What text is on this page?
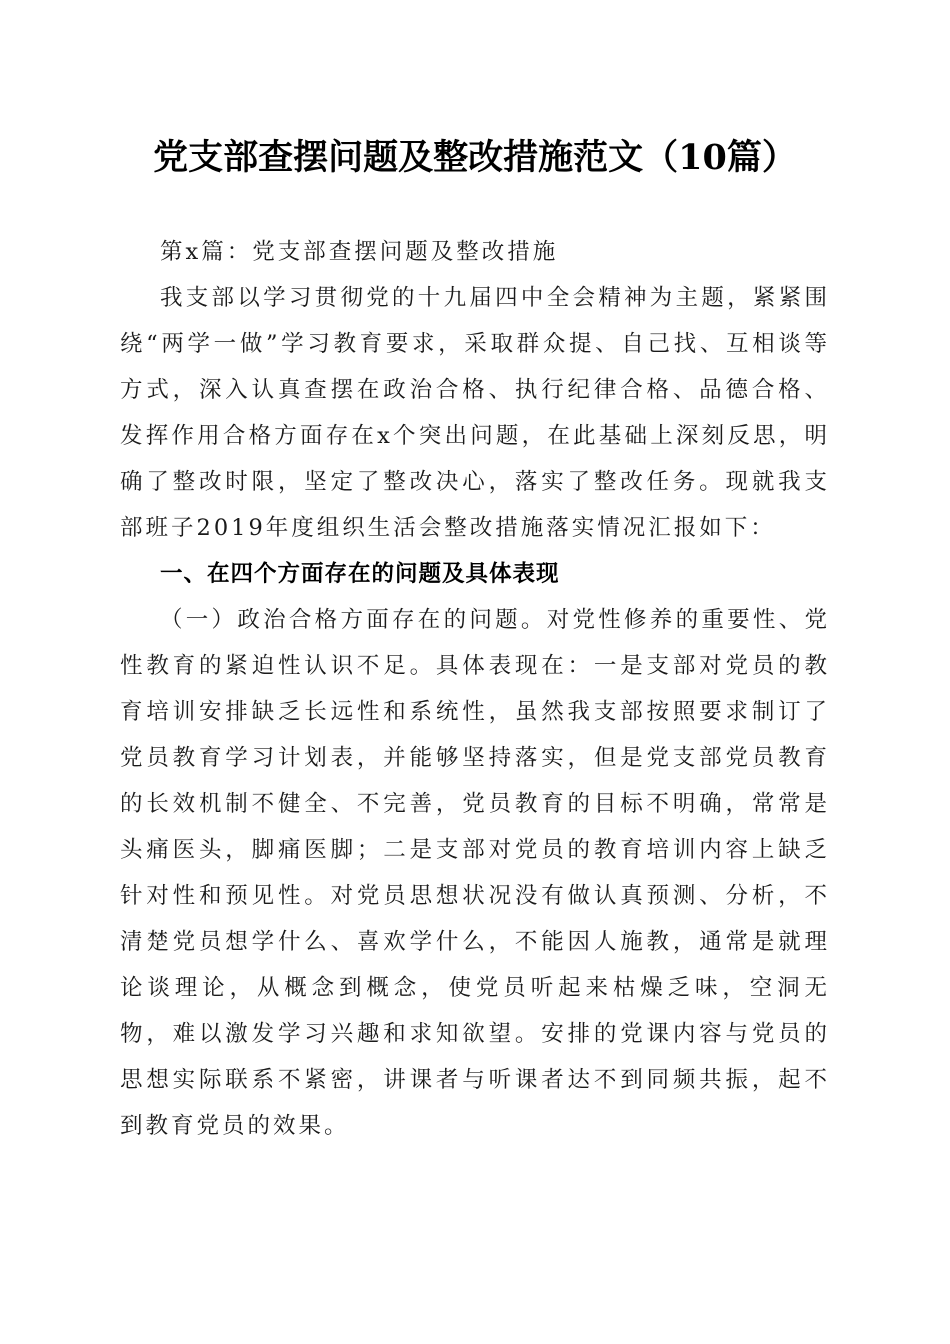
党支部查摆问题及整改措施范文（10篇）

第x篇：党支部查摆问题及整改措施

我支部以学习贯彻党的十九届四中全会精神为主题，紧紧围绕“两学一做”学习教育要求，采取群众提、自己找、互相谈等方式，深入认真查摆在政治合格、执行纪律合格、品德合格、发挥作用合格方面存在x个突出问题，在此基础上深刻反思，明确了整改时限，坚定了整改决心，落实了整改任务。现就我支部班子2019年度组织生活会整改措施落实情况汇报如下：

一、在四个方面存在的问题及具体表现

（一）政治合格方面存在的问题。对党性修养的重要性、党性教育的紧迫性认识不足。具体表现在：一是支部对党员的教育培训安排缺乏长远性和系统性，虽然我支部按照要求制订了党员教育学习计划表，并能够坚持落实，但是党支部党员教育的长效机制不健全、不完善，党员教育的目标不明确，常常是头痛医头，脚痛医脚；二是支部对党员的教育培训内容上缺乏针对性和预见性。对党员思想状况没有做认真预测、分析，不清楚党员想学什么、喜欢学什么，不能因人施教，通常是就理论谈理论，从概念到概念，使党员听起来枯燥乏味，空洞无物，难以激发学习兴趣和求知欲望。安排的党课内容与党员的思想实际联系不紧密，讲课者与听课者达不到同频共振，起不到教育党员的效果。
